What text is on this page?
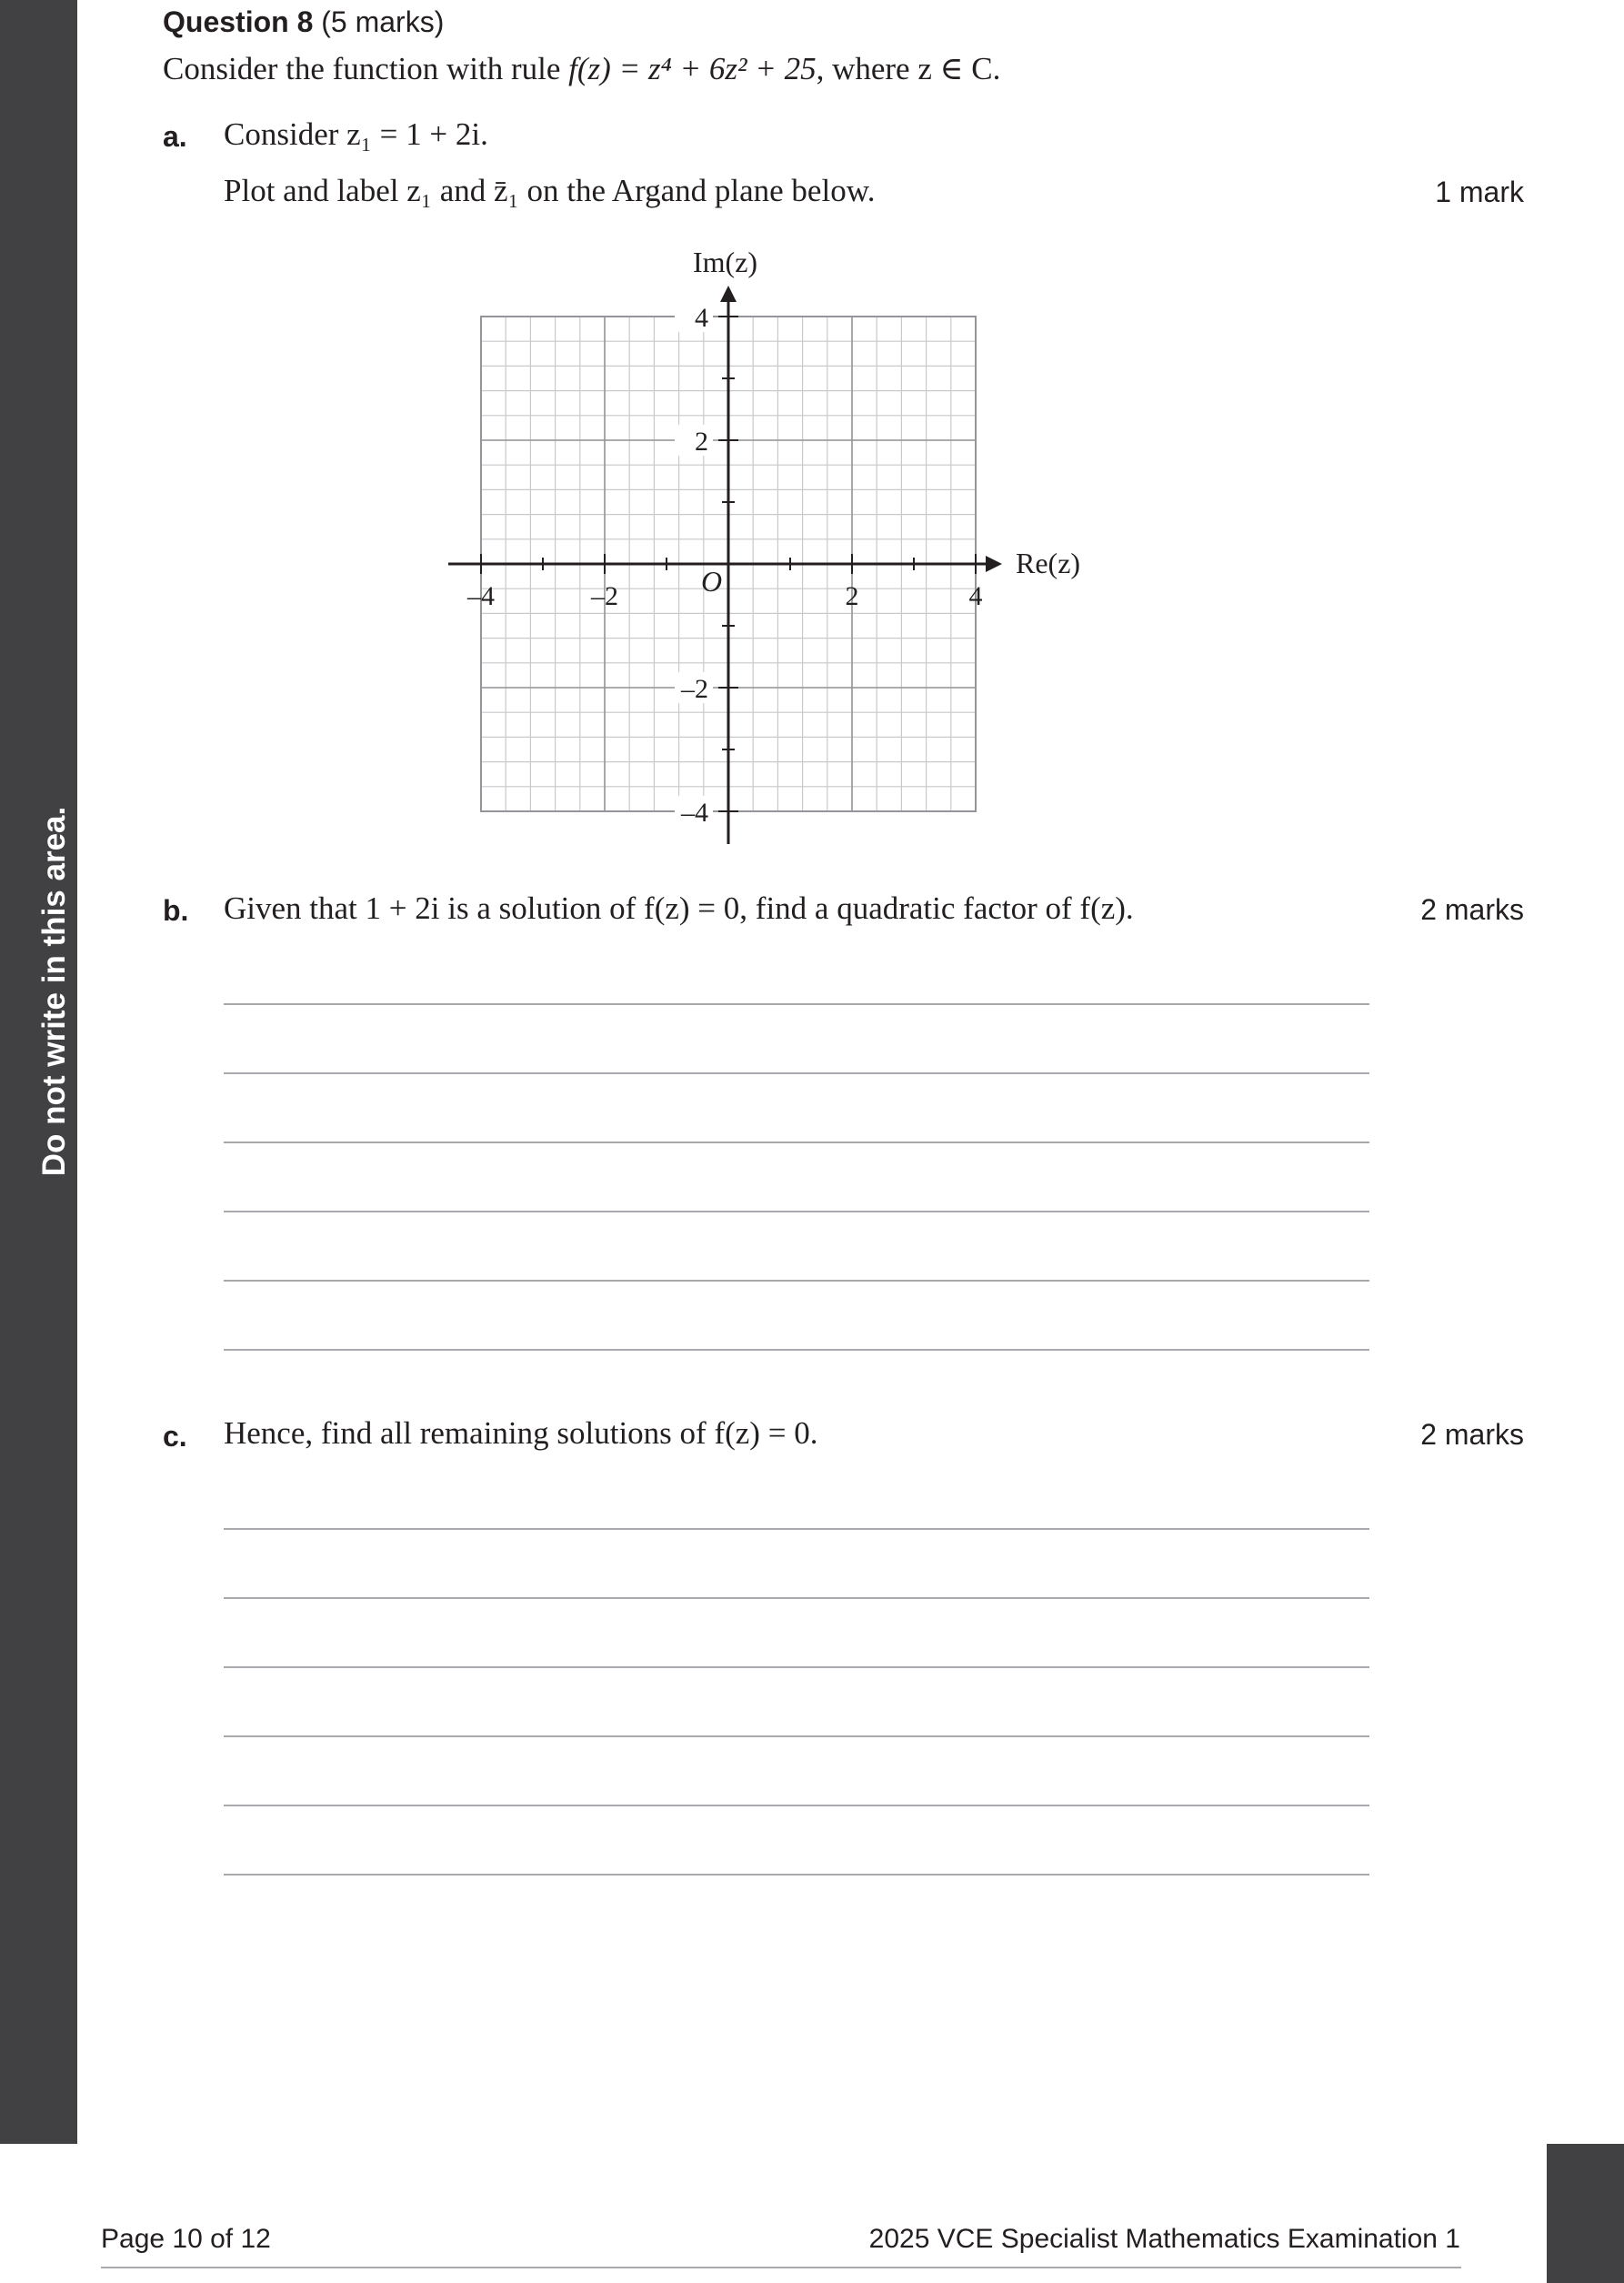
Do not write in this area.
Question 8 (5 marks)
Consider the function with rule f(z) = z⁴ + 6z² + 25, where z ∈ C.
a. Consider z₁ = 1 + 2i.
Plot and label z₁ and z̄₁ on the Argand plane below.	1 mark
Re(z)
Im(z)
O
–4	–2	2	4
4
2
–2
–4
b. Given that 1 + 2i is a solution of f(z) = 0, find a quadratic factor of f(z).	2 marks
c. Hence, find all remaining solutions of f(z) = 0.	2 marks
Page 10 of 12	2025 VCE Specialist Mathematics Examination 1
